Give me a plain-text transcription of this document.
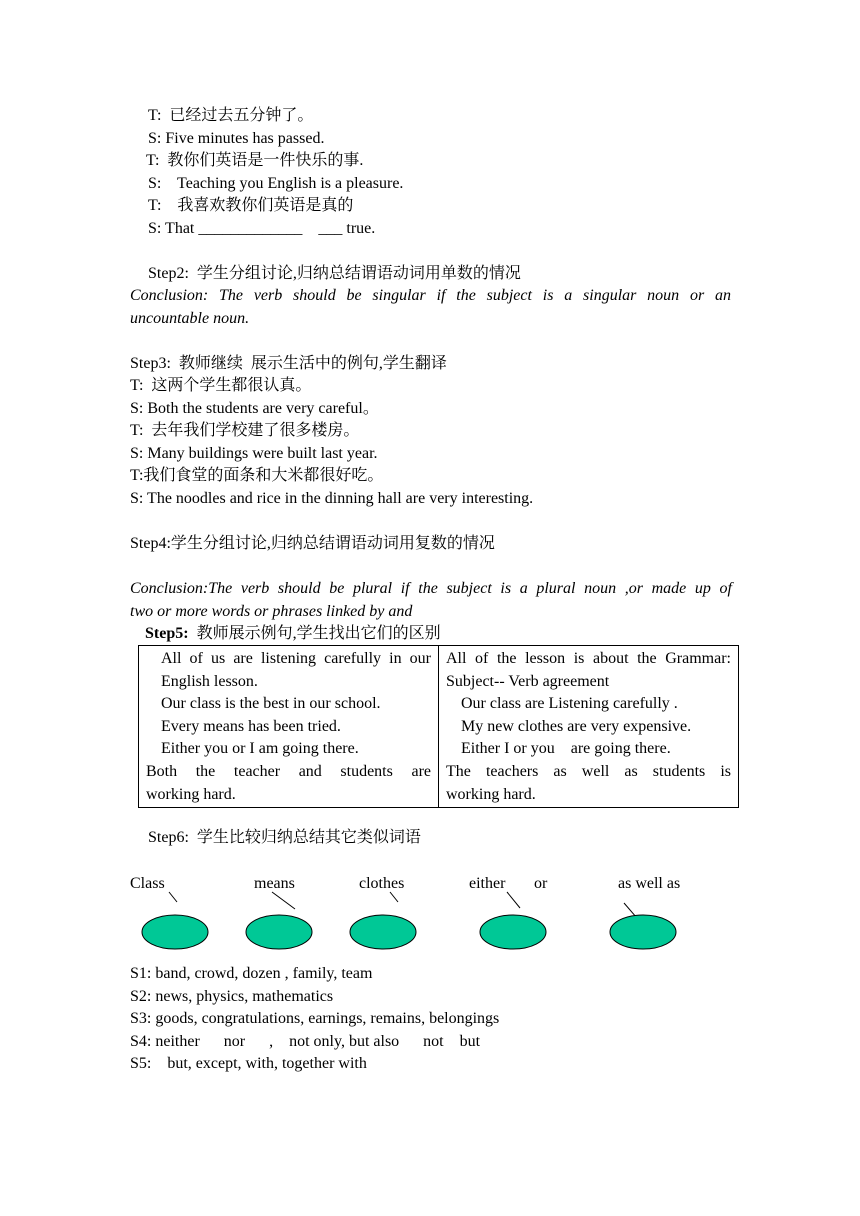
T:  已经过去五分钟了。
S: Five minutes has passed.
T:  教你们英语是一件快乐的事.
S:    Teaching you English is a pleasure.
T:    我喜欢教你们英语是真的
S: That _____________    ___ true.
Step2:  学生分组讨论,归纳总结谓语动词用单数的情况
Conclusion: The verb should be singular if the subject is a singular noun or an
uncountable noun.
Step3:  教师继续  展示生活中的例句,学生翻译
T:  这两个学生都很认真。
S: Both the students are very careful。
T:  去年我们学校建了很多楼房。
S: Many buildings were built last year.
T:我们食堂的面条和大米都很好吃。
S: The noodles and rice in the dinning hall are very interesting.
Step4:学生分组讨论,归纳总结谓语动词用复数的情况
Conclusion:The verb should be plural if the subject is a plural noun ,or made up of
two or more words or phrases linked by and
Step5:  教师展示例句,学生找出它们的区别
All of us are listening carefully in our
English lesson.
Our class is the best in our school.
Every means has been tried.
Either you or I am going there.
Both the teacher and students are
working hard.

All of the lesson is about the Grammar:
Subject-- Verb agreement
Our class are Listening carefully .
My new clothes are very expensive.
Either I or you    are going there.
The teachers as well as students is
working hard.
Step6:  学生比较归纳总结其它类似词语
Class	means	clothes	either or	as well as
S1: band, crowd, dozen , family, team
S2: news, physics, mathematics
S3: goods, congratulations, earnings, remains, belongings
S4: neither      nor      ,    not only, but also      not    but
S5:    but, except, with, together with
